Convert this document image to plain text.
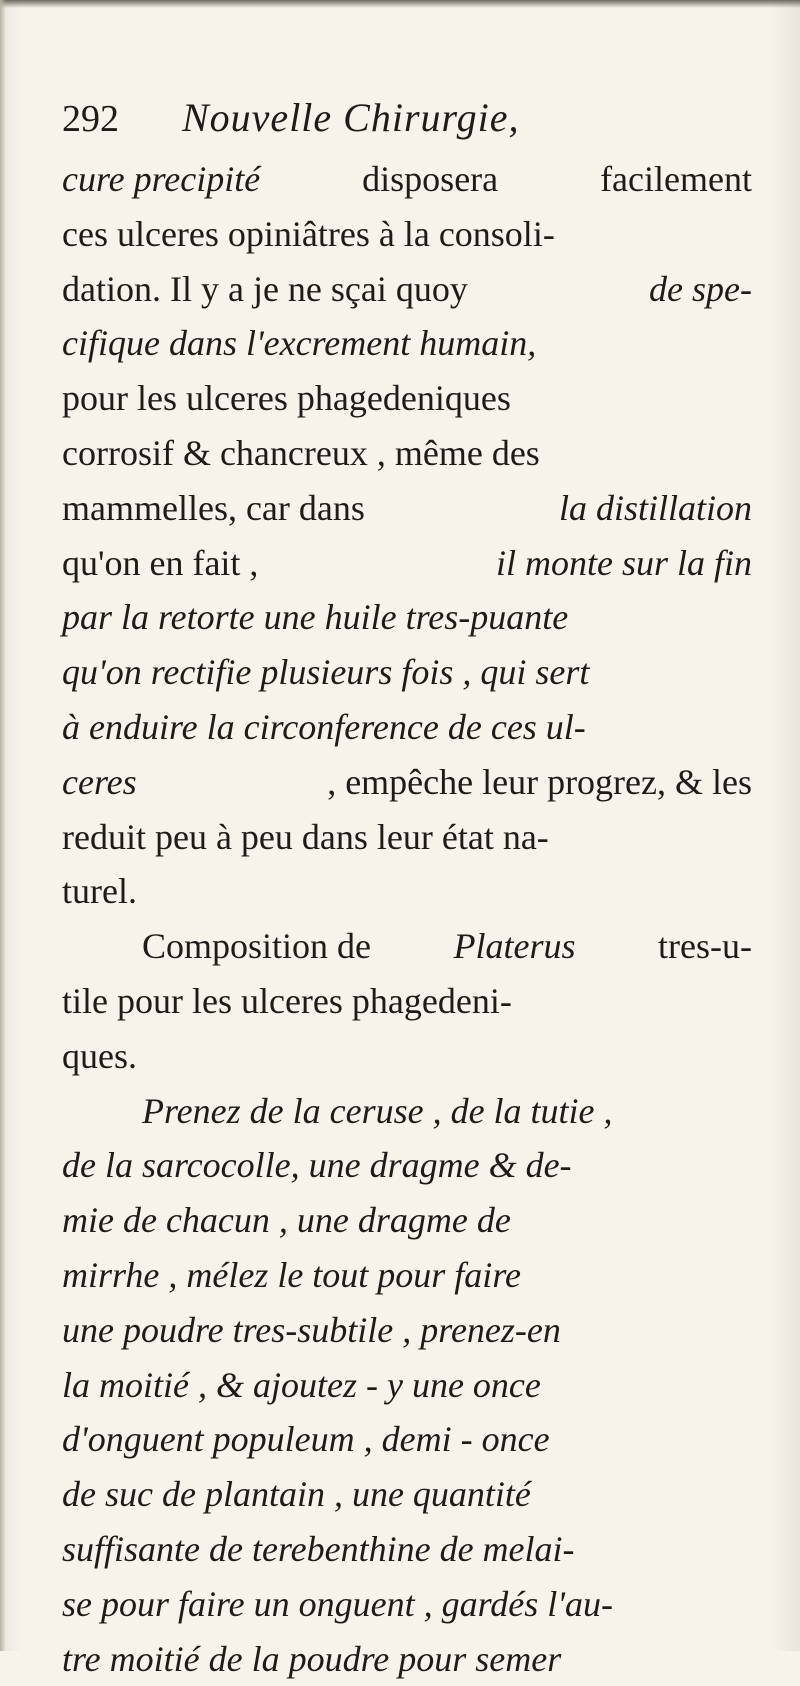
292	Nouvelle Chirurgie,
cure precipité	disposera	facilement
ces ulceres opiniâtres à la consoli-
dation. Il y a je ne sçai quoy	de spe-
cifique dans l'excrement humain,
pour les ulceres phagedeniques
corrosif & chancreux , même des
mammelles, car dans	la distillation
qu'on en fait ,	il monte sur la fin
par la retorte une huile tres-puante
qu'on rectifie plusieurs fois , qui sert
à enduire la circonference de ces ul-
ceres	, empêche leur progrez, & les
reduit peu à peu dans leur état na-
turel.
Composition de Platerus tres-u-
tile pour les ulceres phagedeni-
ques.
Prenez de la ceruse , de la tutie ,
de la sarcocolle, une dragme & de-
mie de chacun , une dragme de
mirrhe , mélez le tout pour faire
une poudre tres-subtile , prenez-en
la moitié , & ajoutez - y une once
d'onguent populeum , demi - once
de suc de plantain , une quantité
suffisante de terebenthine de melai-
se pour faire un onguent , gardés l'au-
tre moitié de la poudre pour semer
